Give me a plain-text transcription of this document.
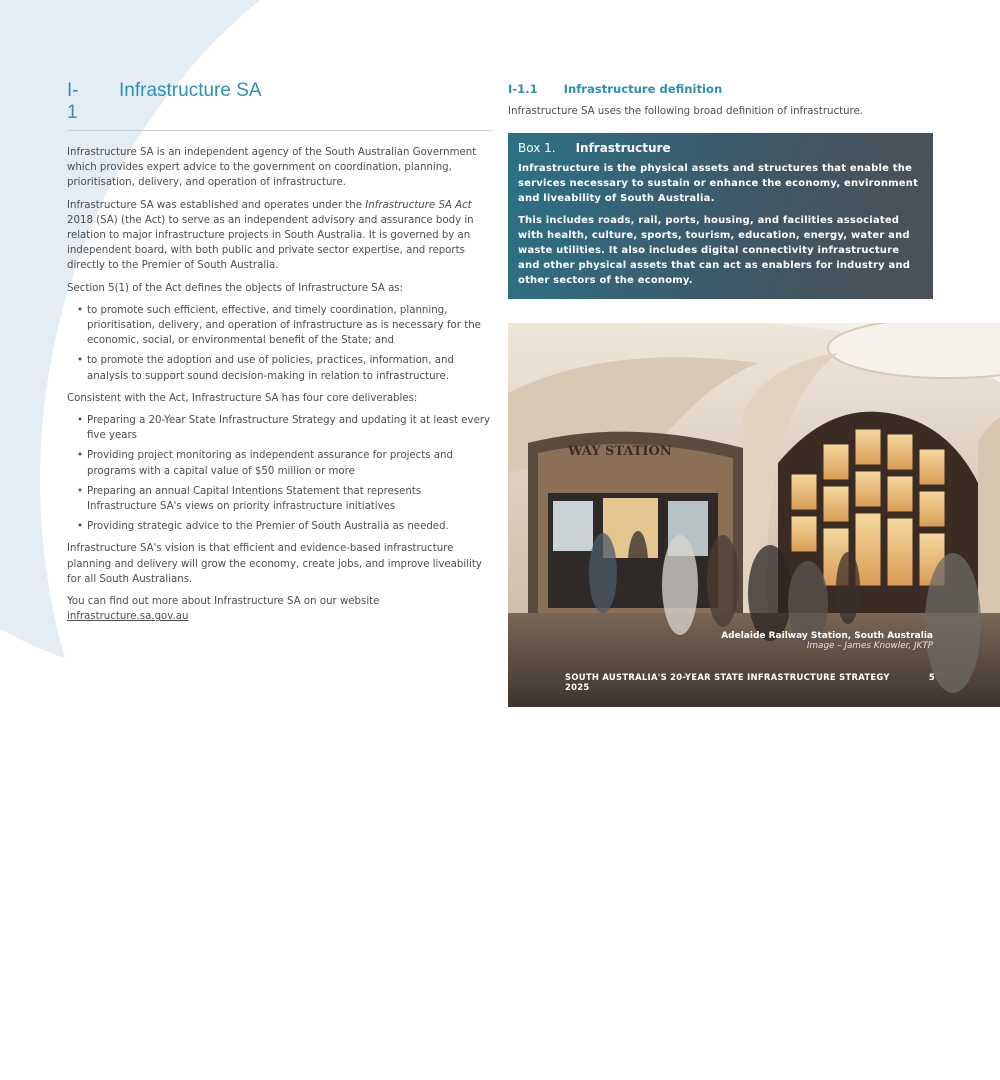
I-1
Infrastructure SA

Infrastructure SA is an independent agency of the South Australian Government which provides expert advice to the government on coordination, planning, prioritisation, delivery, and operation of infrastructure.

Infrastructure SA was established and operates under the Infrastructure SA Act 2018 (SA) (the Act) to serve as an independent advisory and assurance body in relation to major infrastructure projects in South Australia. It is governed by an independent board, with both public and private sector expertise, and reports directly to the Premier of South Australia.

Section 5(1) of the Act defines the objects of Infrastructure SA as:

• to promote such efficient, effective, and timely coordination, planning, prioritisation, delivery, and operation of infrastructure as is necessary for the economic, social, or environmental benefit of the State; and
• to promote the adoption and use of policies, practices, information, and analysis to support sound decision-making in relation to infrastructure.

Consistent with the Act, Infrastructure SA has four core deliverables:

• Preparing a 20-Year State Infrastructure Strategy and updating it at least every five years
• Providing project monitoring as independent assurance for projects and programs with a capital value of $50 million or more
• Preparing an annual Capital Intentions Statement that represents Infrastructure SA's views on priority infrastructure initiatives
• Providing strategic advice to the Premier of South Australia as needed.

Infrastructure SA's vision is that efficient and evidence-based infrastructure planning and delivery will grow the economy, create jobs, and improve liveability for all South Australians.

You can find out more about Infrastructure SA on our website infrastructure.sa.gov.au

I-1.1 Infrastructure definition
Infrastructure SA uses the following broad definition of infrastructure.
Box 1. Infrastructure

Infrastructure is the physical assets and structures that enable the services necessary to sustain or enhance the economy, environment and liveability of South Australia.

This includes roads, rail, ports, housing, and facilities associated with health, culture, sports, tourism, education, energy, water and waste utilities. It also includes digital connectivity infrastructure and other physical assets that can act as enablers for industry and other sectors of the economy.

WAY STATION
Adelaide Railway Station, South Australia
Image – James Knowler, JKTP
SOUTH AUSTRALIA'S 20-YEAR STATE INFRASTRUCTURE STRATEGY 2025
5
